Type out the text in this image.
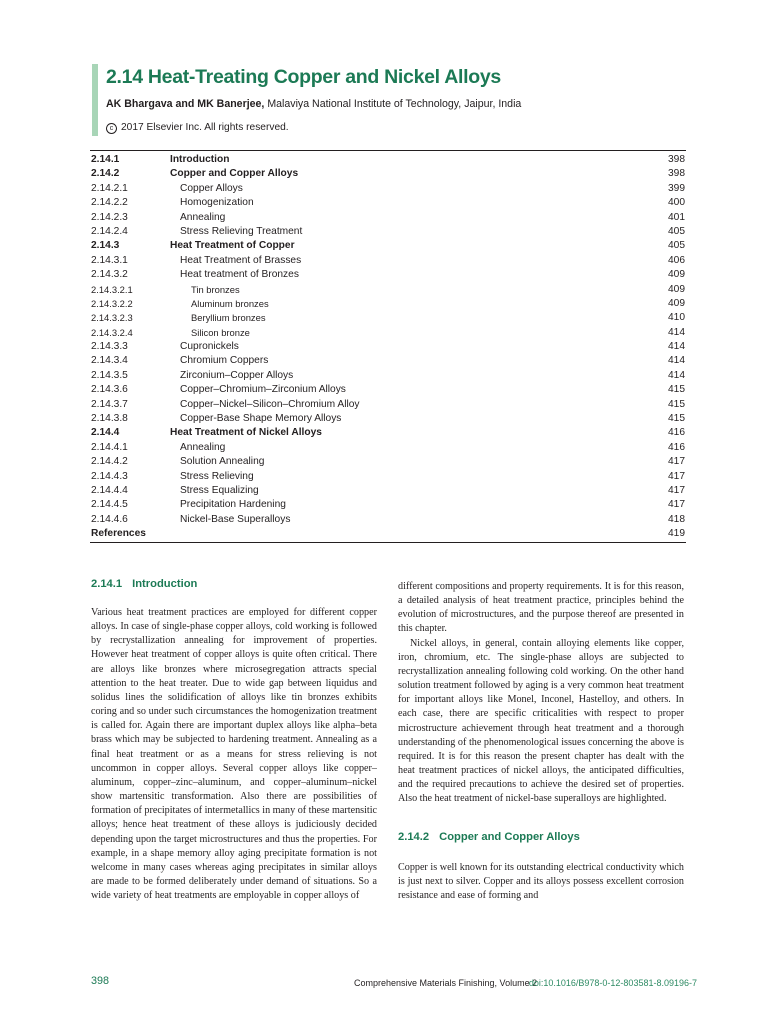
2.14 Heat-Treating Copper and Nickel Alloys
AK Bhargava and MK Banerjee, Malaviya National Institute of Technology, Jaipur, India
c 2017 Elsevier Inc. All rights reserved.
2.14.1	Introduction	398
2.14.2	Copper and Copper Alloys	398
2.14.2.1	Copper Alloys	399
2.14.2.2	Homogenization	400
2.14.2.3	Annealing	401
2.14.2.4	Stress Relieving Treatment	405
2.14.3	Heat Treatment of Copper	405
2.14.3.1	Heat Treatment of Brasses	406
2.14.3.2	Heat treatment of Bronzes	409
2.14.3.2.1	Tin bronzes	409
2.14.3.2.2	Aluminum bronzes	409
2.14.3.2.3	Beryllium bronzes	410
2.14.3.2.4	Silicon bronze	414
2.14.3.3	Cupronickels	414
2.14.3.4	Chromium Coppers	414
2.14.3.5	Zirconium–Copper Alloys	414
2.14.3.6	Copper–Chromium–Zirconium Alloys	415
2.14.3.7	Copper–Nickel–Silicon–Chromium Alloy	415
2.14.3.8	Copper-Base Shape Memory Alloys	415
2.14.4	Heat Treatment of Nickel Alloys	416
2.14.4.1	Annealing	416
2.14.4.2	Solution Annealing	417
2.14.4.3	Stress Relieving	417
2.14.4.4	Stress Equalizing	417
2.14.4.5	Precipitation Hardening	417
2.14.4.6	Nickel-Base Superalloys	418
References	419
2.14.1 Introduction

Various heat treatment practices are employed for different copper alloys. In case of single-phase copper alloys, cold working is followed by recrystallization annealing for improvement of properties. However heat treatment of copper alloys is quite often critical. There are alloys like bronzes where microsegregation attracts special attention to the heat treater. Due to wide gap between liquidus and solidus lines the solidification of alloys like tin bronzes exhibits coring and so under such circumstances the homogenization treatment is called for. Again there are important duplex alloys like alpha–beta brass which may be subjected to hardening treatment. Annealing as a final heat treatment or as a means for stress relieving is not uncommon in copper alloys. Several copper alloys like copper–aluminum, copper–zinc–aluminum, and copper–aluminum–nickel show martensitic transformation. Also there are possibilities of formation of precipitates of intermetallics in many of these martensitic alloys; hence heat treatment of these alloys is judiciously decided depending upon the target microstructures and thus the properties. For example, in a shape memory alloy aging precipitate formation is not welcome in many cases whereas aging precipitates in similar alloys are made to be formed deliberately under demand of situations. So a wide variety of heat treatments are employable in copper alloys of

different compositions and property requirements. It is for this reason, a detailed analysis of heat treatment practice, principles behind the evolution of microstructures, and the purpose thereof are presented in this chapter.

Nickel alloys, in general, contain alloying elements like copper, iron, chromium, etc. The single-phase alloys are subjected to recrystallization annealing following cold working. On the other hand solution treatment followed by aging is a very common heat treatment for important alloys like Monel, Inconel, Hastelloy, and others. In each case, there are specific criticalities with respect to proper microstructure achievement through heat treatment and a thorough understanding of the phenomenological issues concerning the above is required. It is for this reason the present chapter has dealt with the heat treatment practices of nickel alloys, the anticipated difficulties, and the required precautions to achieve the desired set of properties. Also the heat treatment of nickel-base superalloys are highlighted.

2.14.2 Copper and Copper Alloys

Copper is well known for its outstanding electrical conductivity which is just next to silver. Copper and its alloys possess excellent corrosion resistance and ease of forming and

398	Comprehensive Materials Finishing, Volume 2
doi:10.1016/B978-0-12-803581-8.09196-7
